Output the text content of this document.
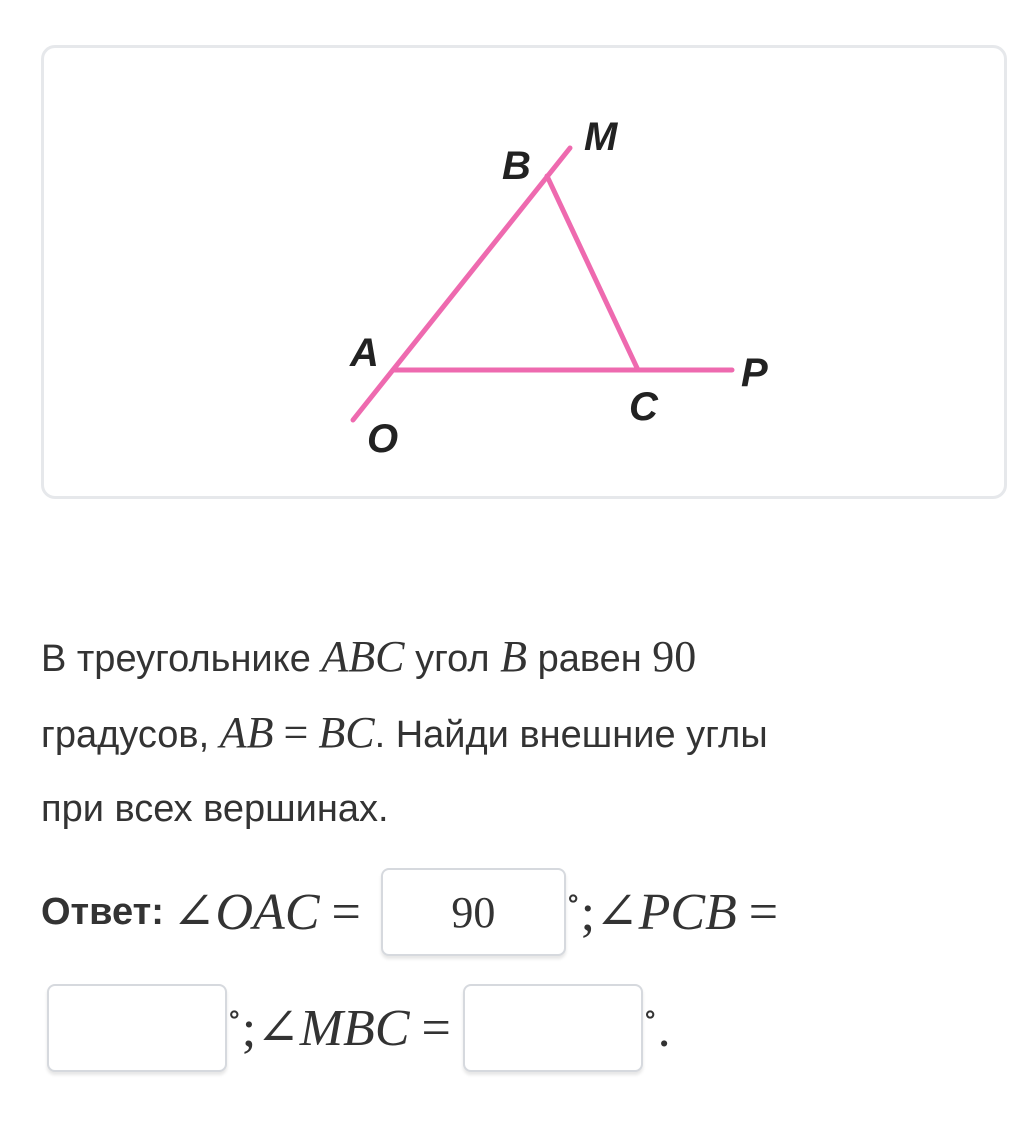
M
B
A	P
C
O
В треугольнике ABC угол B равен 90
градусов, AB = BC. Найди внешние углы
при всех вершинах.
Ответ: ∠OAC =
90	∘; ∠PCB =
∘; ∠MBC =	∘.
